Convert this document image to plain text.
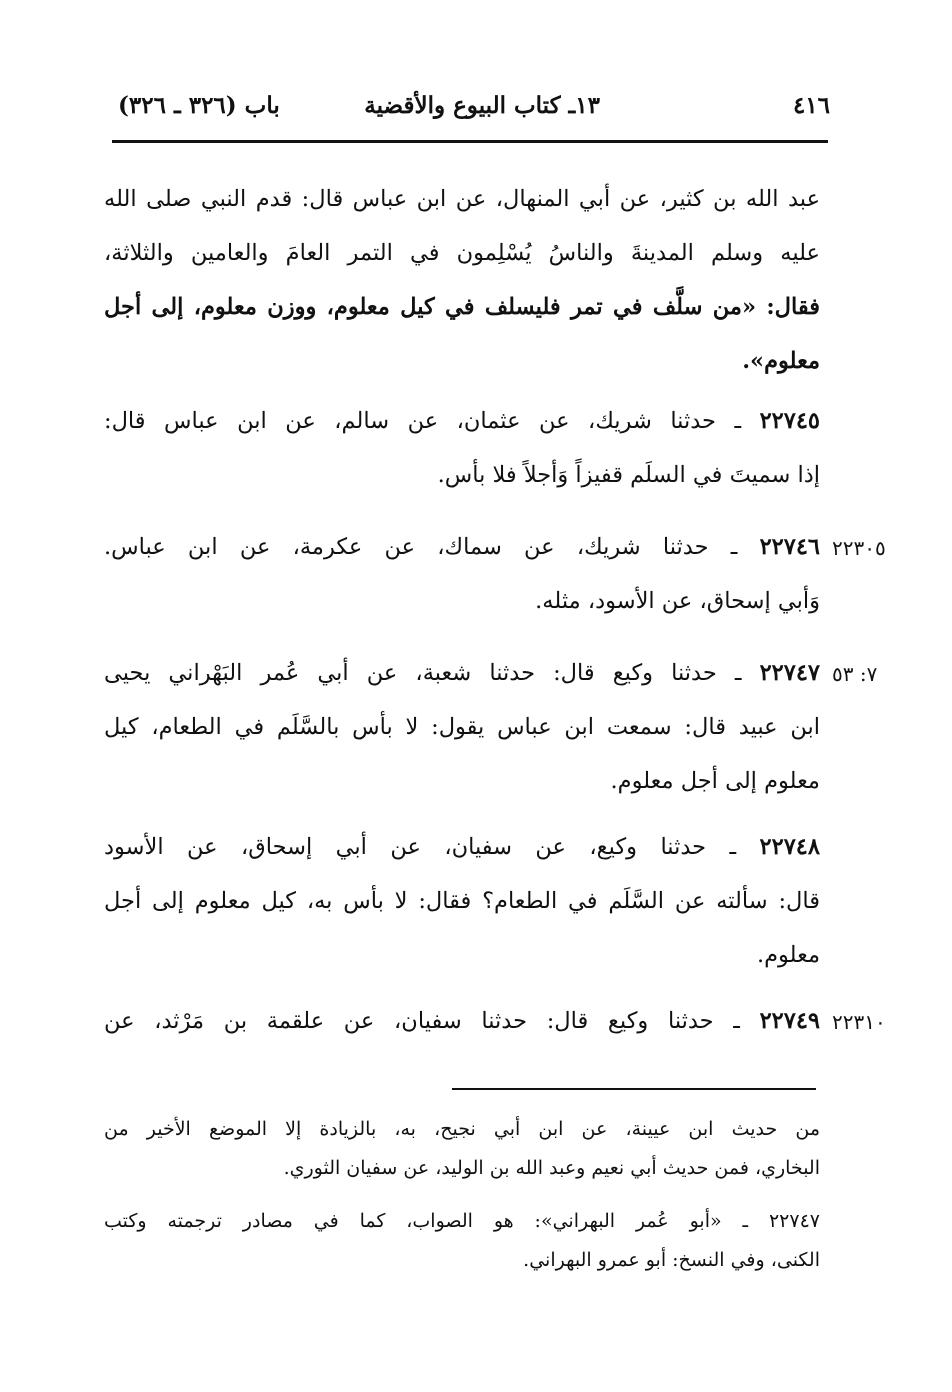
٤١٦
١٣ـ كتاب البيوع والأقضية
باب (٣٢٦ ـ ٣٢٦)
عبد الله بن كثير، عن أبي المنهال، عن ابن عباس قال: قدم النبي صلى الله
عليه وسلم المدينةَ والناسُ يُسْلِمون في التمر العامَ والعامين والثلاثة،
فقال: «من سلَّف في تمر فليسلف في كيل معلوم، ووزن معلوم، إلى أجل
معلوم».
٢٢٧٤٥ ـ حدثنا شريك، عن عثمان، عن سالم، عن ابن عباس قال:
إذا سميتَ في السلَم قفيزاً وَأجلاً فلا بأس.
٢٢٧٤٦ ـ حدثنا شريك، عن سماك، عن عكرمة، عن ابن عباس.
وَأبي إسحاق، عن الأسود، مثله.
٢٢٣٠٥
٢٢٧٤٧ ـ حدثنا وكيع قال: حدثنا شعبة، عن أبي عُمر البَهْراني يحيى
ابن عبيد قال: سمعت ابن عباس يقول: لا بأس بالسَّلَم في الطعام، كيل
معلوم إلى أجل معلوم.
٧: ٥٣
٢٢٧٤٨ ـ حدثنا وكيع، عن سفيان، عن أبي إسحاق، عن الأسود
قال: سألته عن السَّلَم في الطعام؟ فقال: لا بأس به، كيل معلوم إلى أجل
معلوم.
٢٢٧٤٩ ـ حدثنا وكيع قال: حدثنا سفيان، عن علقمة بن مَرْثد، عن	٢٢٣١٠
من حديث ابن عيينة، عن ابن أبي نجيح، به، بالزيادة إلا الموضع الأخير من
البخاري، فمن حديث أبي نعيم وعبد الله بن الوليد، عن سفيان الثوري.
٢٢٧٤٧ ـ «أبو عُمر البهراني»: هو الصواب، كما في مصادر ترجمته وكتب
الكنى، وفي النسخ: أبو عمرو البهراني.
